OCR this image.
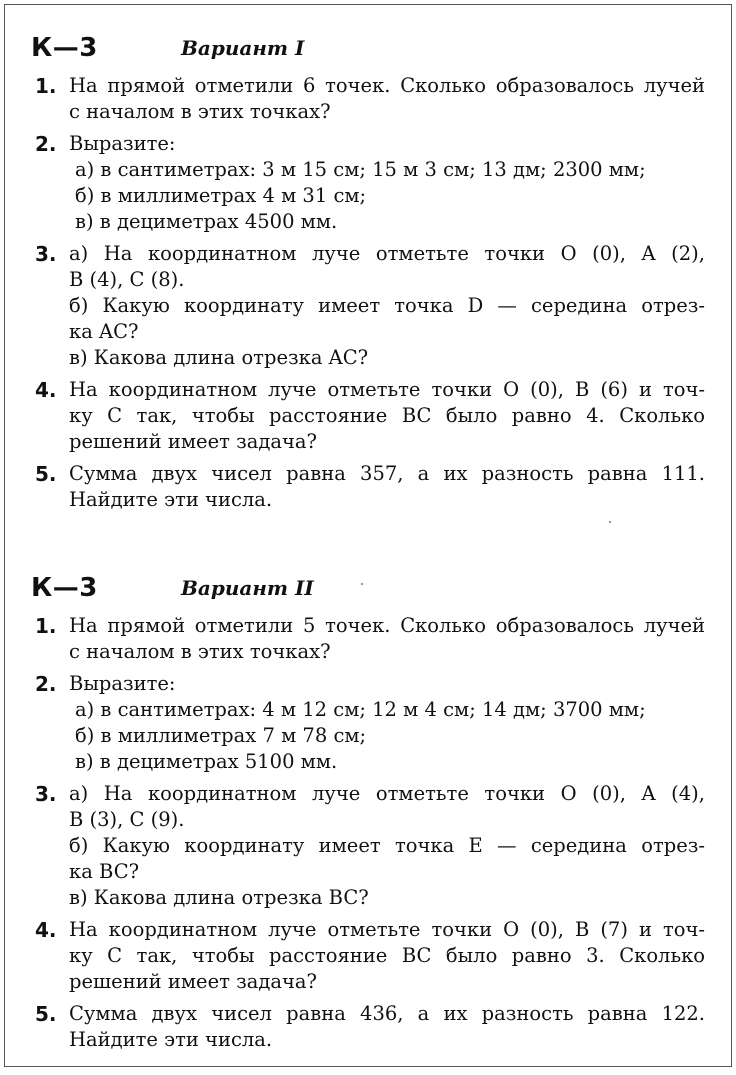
К—3	Вариант I
1. На прямой отметили 6 точек. Сколько образовалось лучей
с началом в этих точках?
2. Выразите:
а) в сантиметрах: 3 м 15 см; 15 м 3 см; 13 дм; 2300 мм;
б) в миллиметрах 4 м 31 см;
в) в дециметрах 4500 мм.
3. а) На координатном луче отметьте точки O (0), A (2),
B (4), C (8).
б) Какую координату имеет точка D — середина отрез-
ка AC?
в) Какова длина отрезка AC?
4. На координатном луче отметьте точки O (0), B (6) и точ-
ку C так, чтобы расстояние BC было равно 4. Сколько
решений имеет задача?
5. Сумма двух чисел равна 357, а их разность равна 111.
Найдите эти числа.
К—3	Вариант II
1. На прямой отметили 5 точек. Сколько образовалось лучей
с началом в этих точках?
2. Выразите:
а) в сантиметрах: 4 м 12 см; 12 м 4 см; 14 дм; 3700 мм;
б) в миллиметрах 7 м 78 см;
в) в дециметрах 5100 мм.
3. а) На координатном луче отметьте точки O (0), A (4),
B (3), C (9).
б) Какую координату имеет точка E — середина отрез-
ка BC?
в) Какова длина отрезка BC?
4. На координатном луче отметьте точки O (0), B (7) и точ-
ку C так, чтобы расстояние BC было равно 3. Сколько
решений имеет задача?
5. Сумма двух чисел равна 436, а их разность равна 122.
Найдите эти числа.
